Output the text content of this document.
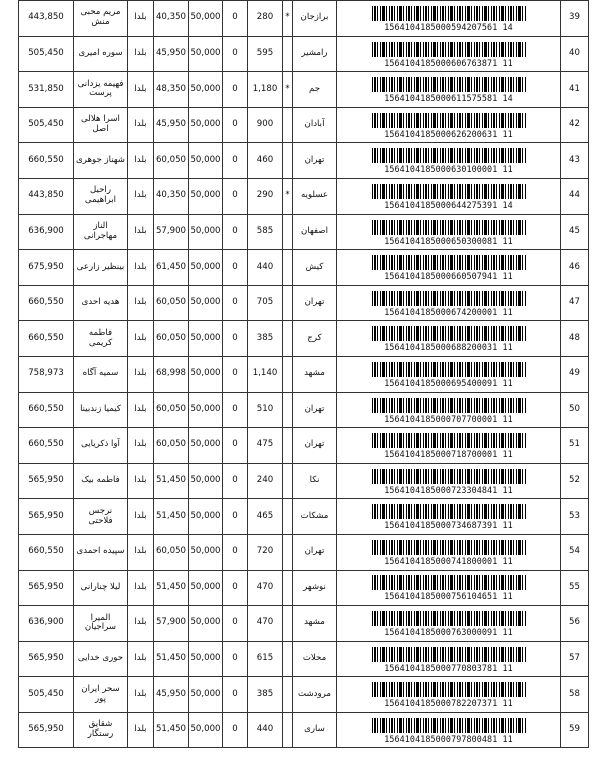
443,850	مریم محبی منش	بلدا	40,350	50,000	0	280	*	برازجان	1564104185000594207561 14	39
505,450	سوره امیری	بلدا	45,950	50,000	0	595		رامشیر	1564104185000606763871 11	40
531,850	فهیمه یزدانی پرست	بلدا	48,350	50,000	0	1,180	*	جم	1564104185000611575581 14	41
505,450	اسرا هلالی اصل	بلدا	45,950	50,000	0	900		آبادان	1564104185000626200631 11	42
660,550	شهناز جوهری	بلدا	60,050	50,000	0	460		تهران	1564104185000630100001 11	43
443,850	راحیل ابراهیمی	بلدا	40,350	50,000	0	290	*	عسلویه	1564104185000644275391 14	44
636,900	الناز مهاجرانی	بلدا	57,900	50,000	0	585		اصفهان	1564104185000650300081 11	45
675,950	بینظیر زارعی	بلدا	61,450	50,000	0	440		کیش	1564104185000660507941 11	46
660,550	هدیه احدی	بلدا	60,050	50,000	0	705		تهران	1564104185000674200001 11	47
660,550	فاطمه کریمی	بلدا	60,050	50,000	0	385		کرج	1564104185000688200031 11	48
758,973	سمیه آگاه	بلدا	68,998	50,000	0	1,140		مشهد	1564104185000695400091 11	49
660,550	کیمیا زندبینا	بلدا	60,050	50,000	0	510		تهران	1564104185000707700001 11	50
660,550	آوا ذکریایی	بلدا	60,050	50,000	0	475		تهران	1564104185000718700001 11	51
565,950	فاطمه بیک	بلدا	51,450	50,000	0	240		نکا	1564104185000723304841 11	52
565,950	نرجس فلاحتی	بلدا	51,450	50,000	0	465		مشکات	1564104185000734687391 11	53
660,550	سپیده احمدی	بلدا	60,050	50,000	0	720		تهران	1564104185000741800001 11	54
565,950	لیلا چنارانی	بلدا	51,450	50,000	0	470		نوشهر	1564104185000756104651 11	55
636,900	المیرا سراجیان	بلدا	57,900	50,000	0	470		مشهد	1564104185000763000091 11	56
565,950	حوری خدایی	بلدا	51,450	50,000	0	615		محلات	1564104185000770803781 11	57
505,450	سحر ایران پور	بلدا	45,950	50,000	0	385		مرودشت	1564104185000782207371 11	58
565,950	شقایق رستگار	بلدا	51,450	50,000	0	440		ساری	1564104185000797800481 11	59
